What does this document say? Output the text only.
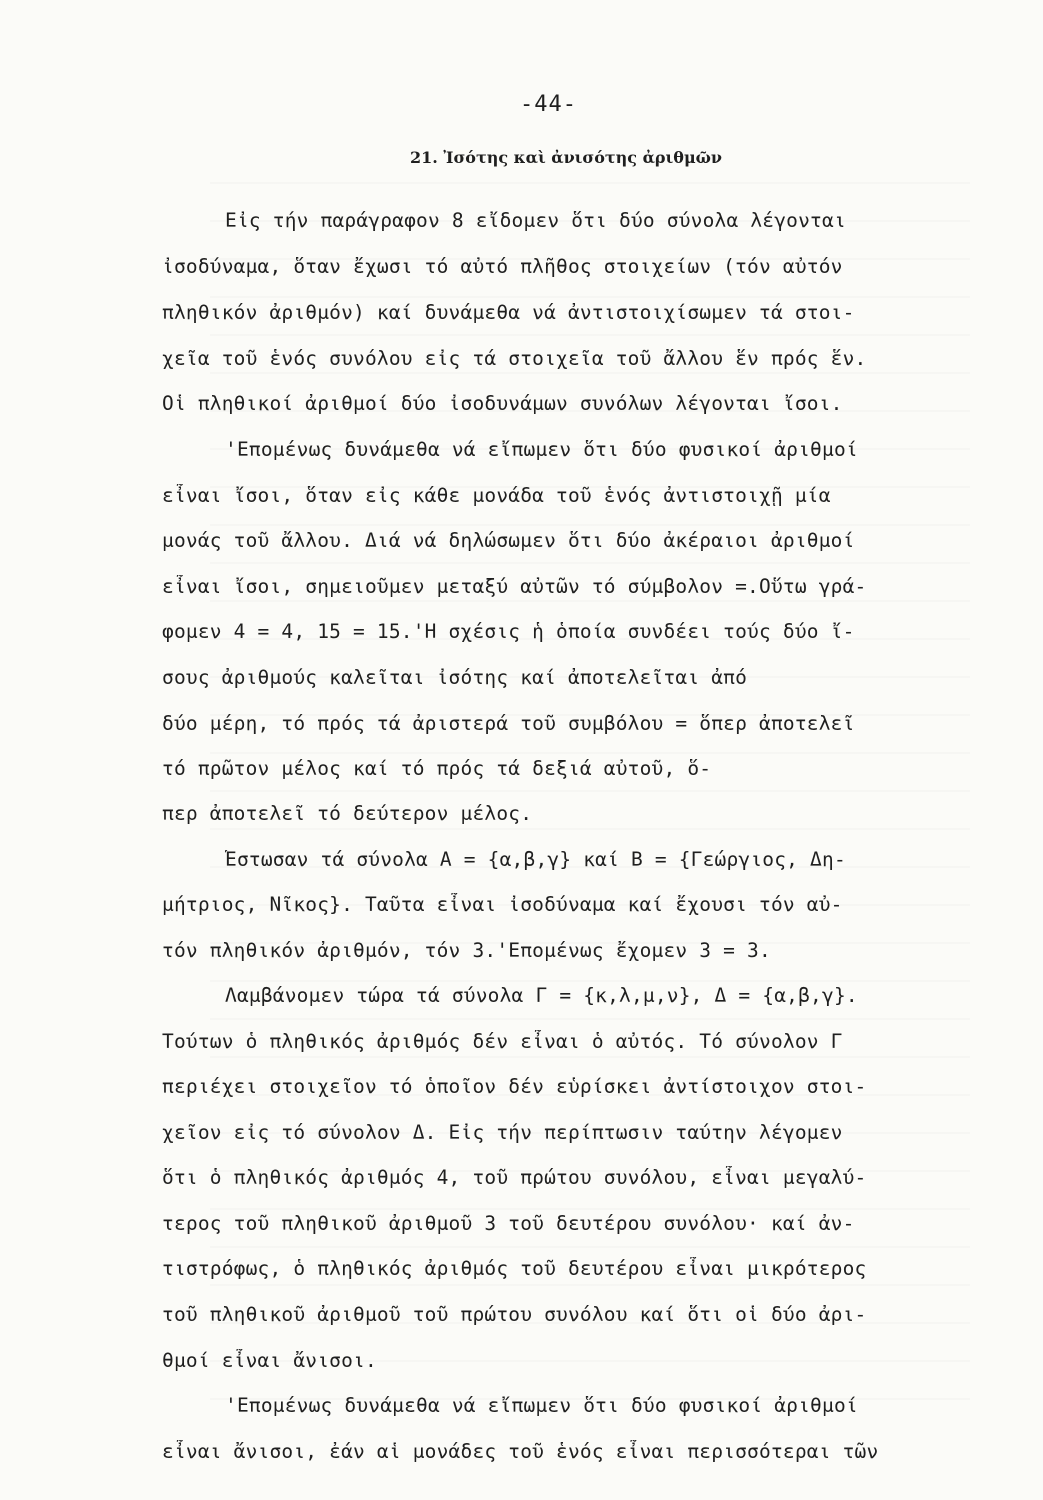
-44-
21. Ἰσότης καὶ ἀνισότης ἀριθμῶν
Εἰς τήν παράγραφον 8 εἴδομεν ὅτι δύο σύνολα λέγονται
ἰσοδύναμα, ὅταν ἔχωσι τό αὐτό πλῆθος στοιχείων (τόν αὐτόν
πληθικόν ἀριθμόν) καί δυνάμεθα νά ἀντιστοιχίσωμεν τά στοι-
χεῖα τοῦ ἑνός συνόλου εἰς τά στοιχεῖα τοῦ ἄλλου ἕν πρός ἕν.
Οἱ πληθικοί ἀριθμοί δύο ἰσοδυνάμων συνόλων λέγονται ἴσοι.
'Επομένως δυνάμεθα νά εἴπωμεν ὅτι δύο φυσικοί ἀριθμοί
εἶναι ἴσοι, ὅταν εἰς κάθε μονάδα τοῦ ἑνός ἀντιστοιχῇ μία
μονάς τοῦ ἄλλου. Διά νά δηλώσωμεν ὅτι δύο ἀκέραιοι ἀριθμοί
εἶναι ἴσοι, σημειοῦμεν μεταξύ αὐτῶν τό σύμβολον =.Οὕτω γρά-
φομεν 4 = 4, 15 = 15.'Η σχέσις ἡ ὁποία συνδέει τούς δύο ἴ-
σους ἀριθμούς καλεῖται ἰσότης καί ἀποτελεῖται ἀπό
δύο μέρη, τό πρός τά ἀριστερά τοῦ συμβόλου = ὅπερ ἀποτελεῖ
τό πρῶτον μέλος καί τό πρός τά δεξιά αὐτοῦ, ὅ-
περ ἀποτελεῖ τό δεύτερον μέλος.
Ἔστωσαν τά σύνολα Α = {α,β,γ} καί Β = {Γεώργιος, Δη-
μήτριος, Νῖκος}. Ταῦτα εἶναι ἰσοδύναμα καί ἔχουσι τόν αὐ-
τόν πληθικόν ἀριθμόν, τόν 3.'Επομένως ἔχομεν 3 = 3.
Λαμβάνομεν τώρα τά σύνολα Γ = {κ,λ,μ,ν}, Δ = {α,β,γ}.
Τούτων ὁ πληθικός ἀριθμός δέν εἶναι ὁ αὐτός. Τό σύνολον Γ
περιέχει στοιχεῖον τό ὁποῖον δέν εὑρίσκει ἀντίστοιχον στοι-
χεῖον εἰς τό σύνολον Δ. Εἰς τήν περίπτωσιν ταύτην λέγομεν
ὅτι ὁ πληθικός ἀριθμός 4, τοῦ πρώτου συνόλου, εἶναι μεγαλύ-
τερος τοῦ πληθικοῦ ἀριθμοῦ 3 τοῦ δευτέρου συνόλου· καί ἀν-
τιστρόφως, ὁ πληθικός ἀριθμός τοῦ δευτέρου εἶναι μικρότερος
τοῦ πληθικοῦ ἀριθμοῦ τοῦ πρώτου συνόλου καί ὅτι οἱ δύο ἀρι-
θμοί εἶναι ἄνισοι.
'Επομένως δυνάμεθα νά εἴπωμεν ὅτι δύο φυσικοί ἀριθμοί
εἶναι ἄνισοι, ἐάν αἱ μονάδες τοῦ ἑνός εἶναι περισσότεραι τῶν
